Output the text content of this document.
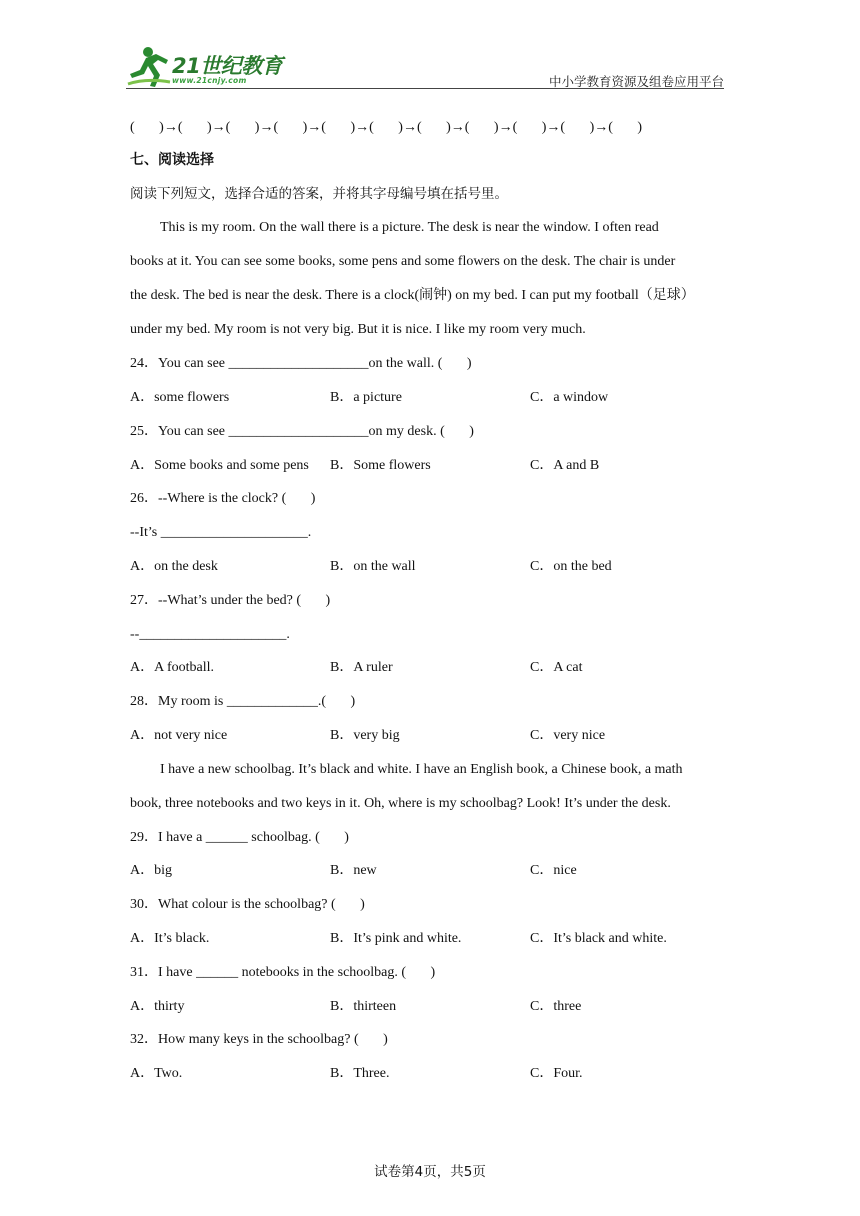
21世纪教育
www.21cnjy.com	中小学教育资源及组卷应用平台
(       )→(       )→(       )→(       )→(       )→(       )→(       )→(       )→(       )→(       )→(       )
七、阅读选择
阅读下列短文，选择合适的答案，并将其字母编号填在括号里。
This is my room. On the wall there is a picture. The desk is near the window. I often read
books at it. You can see some books, some pens and some flowers on the desk. The chair is under
the desk. The bed is near the desk. There is a clock(闹钟) on my bed. I can put my football（足球）
under my bed. My room is not very big. But it is nice. I like my room very much.
24．You can see ____________________on the wall. (       )
A．some flowers	B．a picture	C．a window
25．You can see ____________________on my desk. (       )
A．Some books and some pens B．Some flowers	C．A and B
26．--Where is the clock? (       )
--It’s _____________________.
A．on the desk	B．on the wall	C．on the bed
27．--What’s under the bed? (       )
--_____________________.
A．A football.	B．A ruler	C．A cat
28．My room is _____________.(       )
A．not very nice	B．very big	C．very nice
I have a new schoolbag. It’s black and white. I have an English book, a Chinese book, a math
book, three notebooks and two keys in it. Oh, where is my schoolbag? Look! It’s under the desk.
29．I have a ______ schoolbag. (       )
A．big	B．new	C．nice
30．What colour is the schoolbag? (       )
A．It’s black.	B．It’s pink and white.	C．It’s black and white.
31．I have ______ notebooks in the schoolbag. (       )
A．thirty	B．thirteen	C．three
32．How many keys in the schoolbag? (       )
A．Two.	B．Three.	C．Four.
试卷第4页，共5页
